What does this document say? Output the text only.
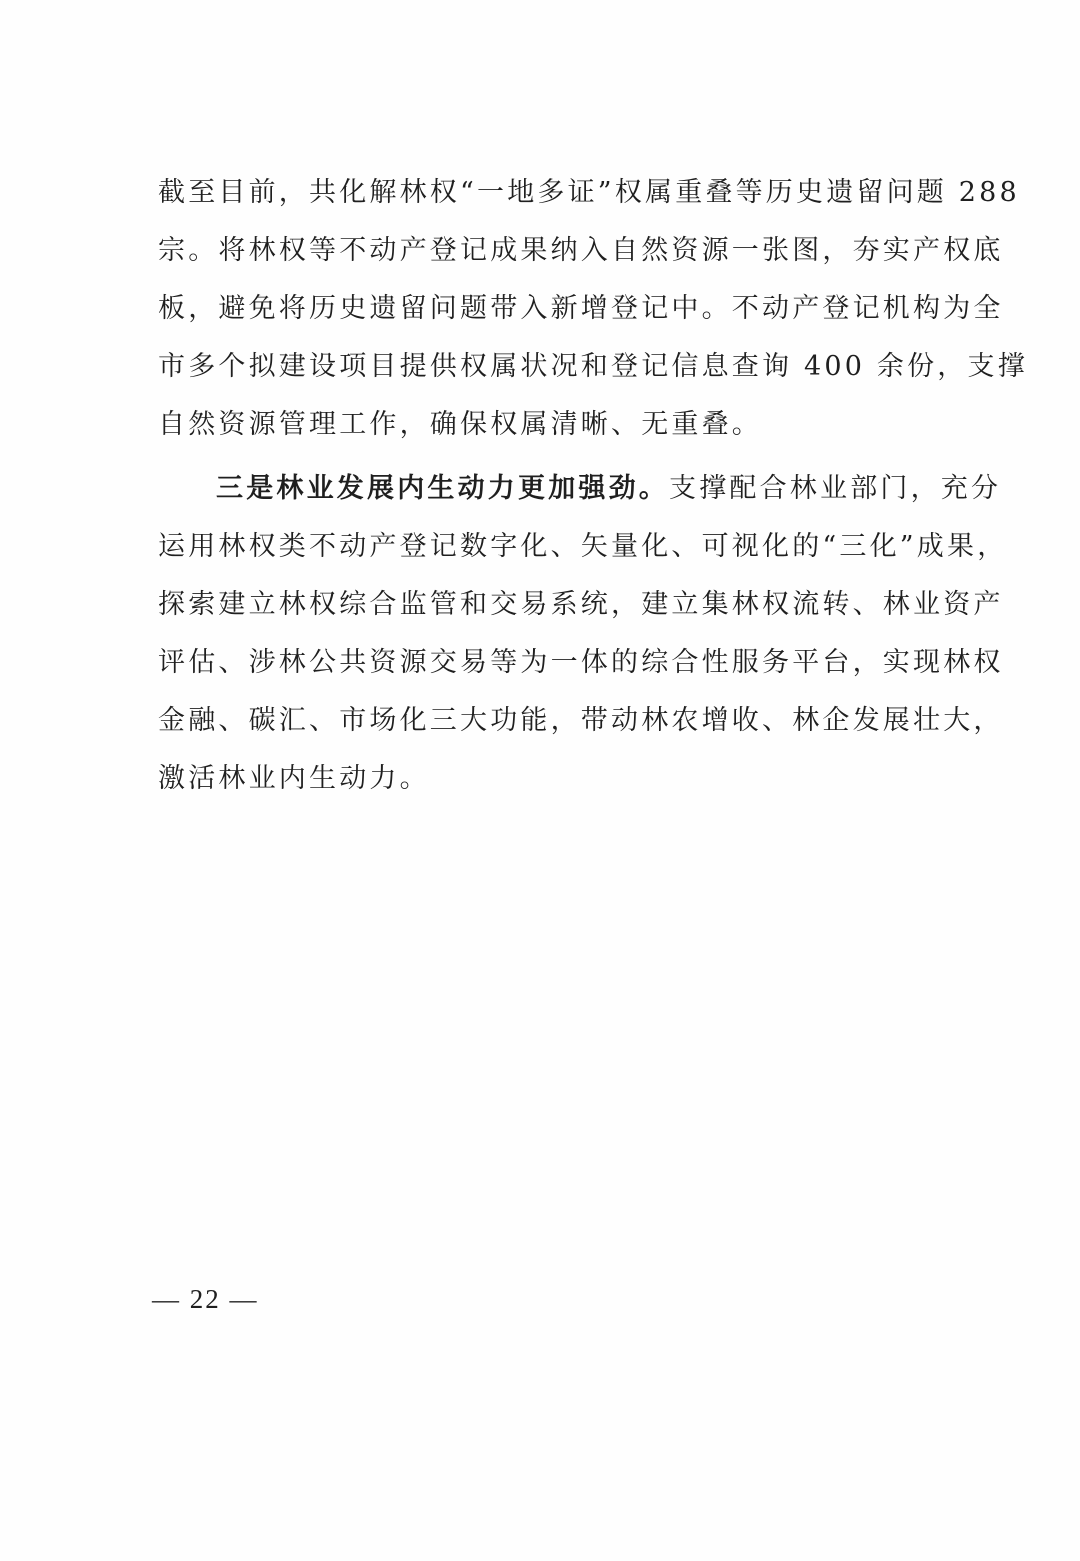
截至目前，共化解林权“一地多证”权属重叠等历史遗留问题 288
宗。将林权等不动产登记成果纳入自然资源一张图，夯实产权底
板，避免将历史遗留问题带入新增登记中。不动产登记机构为全
市多个拟建设项目提供权属状况和登记信息查询 400 余份，支撑
自然资源管理工作，确保权属清晰、无重叠。
三是林业发展内生动力更加强劲。支撑配合林业部门，充分
运用林权类不动产登记数字化、矢量化、可视化的“三化”成果，
探索建立林权综合监管和交易系统，建立集林权流转、林业资产
评估、涉林公共资源交易等为一体的综合性服务平台，实现林权
金融、碳汇、市场化三大功能，带动林农增收、林企发展壮大，
激活林业内生动力。
— 22 —
